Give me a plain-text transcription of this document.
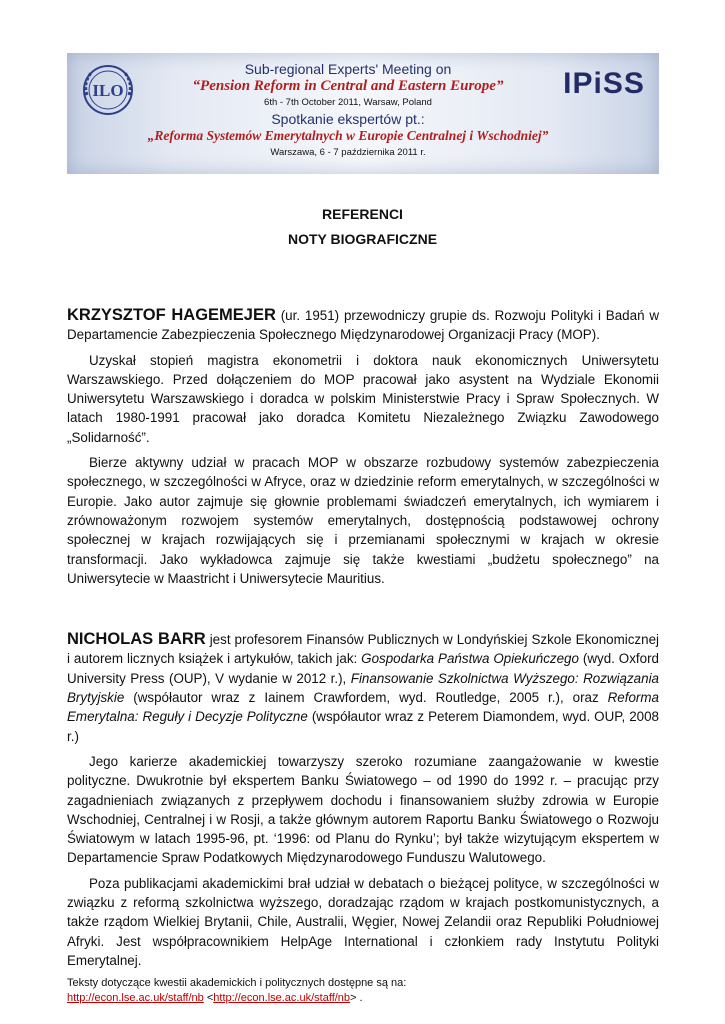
ILO
Sub-regional Experts' Meeting on
“Pension Reform in Central and Eastern Europe”
6th - 7th October 2011, Warsaw, Poland
Spotkanie ekspertów pt.:
„Reforma Systemów Emerytalnych w Europie Centralnej i Wschodniej”
Warszawa, 6 - 7 października 2011 r.
IPiSS
REFERENCI
NOTY BIOGRAFICZNE

KRZYSZTOF HAGEMEJER (ur. 1951) przewodniczy grupie ds. Rozwoju Polityki i Badań w Departamencie Zabezpieczenia Społecznego Międzynarodowej Organizacji Pracy (MOP).

Uzyskał stopień magistra ekonometrii i doktora nauk ekonomicznych Uniwersytetu Warszawskiego. Przed dołączeniem do MOP pracował jako asystent na Wydziale Ekonomii Uniwersytetu Warszawskiego i doradca w polskim Ministerstwie Pracy i Spraw Społecznych. W latach 1980-1991 pracował jako doradca Komitetu Niezależnego Związku Zawodowego „Solidarność”.

Bierze aktywny udział w pracach MOP w obszarze rozbudowy systemów zabezpieczenia społecznego, w szczególności w Afryce, oraz w dziedzinie reform emerytalnych, w szczególności w Europie. Jako autor zajmuje się głownie problemami świadczeń emerytalnych, ich wymiarem i zrównoważonym rozwojem systemów emerytalnych, dostępnością podstawowej ochrony społecznej w krajach rozwijających się i przemianami społecznymi w krajach w okresie transformacji. Jako wykładowca zajmuje się także kwestiami „budżetu społecznego” na Uniwersytecie w Maastricht i Uniwersytecie Mauritius.

NICHOLAS BARR jest profesorem Finansów Publicznych w Londyńskiej Szkole Ekonomicznej i autorem licznych książek i artykułów, takich jak: Gospodarka Państwa Opiekuńczego (wyd. Oxford University Press (OUP), V wydanie w 2012 r.), Finansowanie Szkolnictwa Wyższego: Rozwiązania Brytyjskie (współautor wraz z Iainem Crawfordem, wyd. Routledge, 2005 r.), oraz Reforma Emerytalna: Reguły i Decyzje Polityczne (współautor wraz z Peterem Diamondem, wyd. OUP, 2008 r.)

Jego karierze akademickiej towarzyszy szeroko rozumiane zaangażowanie w kwestie polityczne. Dwukrotnie był ekspertem Banku Światowego – od 1990 do 1992 r. – pracując przy zagadnieniach związanych z przepływem dochodu i finansowaniem służby zdrowia w Europie Wschodniej, Centralnej i w Rosji, a także głównym autorem Raportu Banku Światowego o Rozwoju Światowym w latach 1995-96, pt. ‘1996: od Planu do Rynku’; był także wizytującym ekspertem w Departamencie Spraw Podatkowych Międzynarodowego Funduszu Walutowego.

Poza publikacjami akademickimi brał udział w debatach o bieżącej polityce, w szczególności w związku z reformą szkolnictwa wyższego, doradzając rządom w krajach postkomunistycznych, a także rządom Wielkiej Brytanii, Chile, Australii, Węgier, Nowej Zelandii oraz Republiki Południowej Afryki. Jest współpracownikiem HelpAge International i członkiem rady Instytutu Polityki Emerytalnej.

Teksty dotyczące kwestii akademickich i politycznych dostępne są na:
http://econ.lse.ac.uk/staff/nb <http://econ.lse.ac.uk/staff/nb> .
